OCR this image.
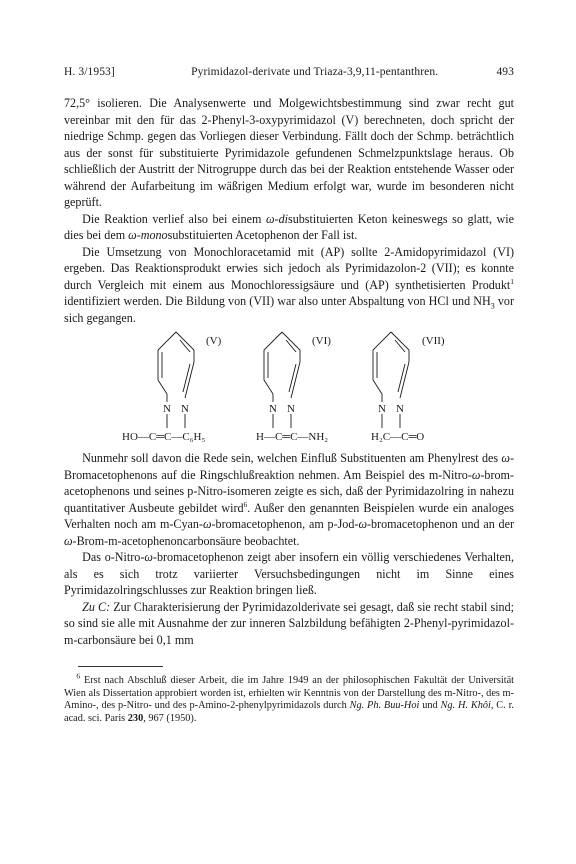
H. 3/1953]	Pyrimidazol-derivate und Triaza-3,9,11-pentanthren.	493

72,5° isolieren. Die Analysenwerte und Molgewichtsbestimmung sind zwar recht gut vereinbar mit den für das 2-Phenyl-3-oxypyrimidazol (V) berechneten, doch spricht der niedrige Schmp. gegen das Vorliegen dieser Verbindung. Fällt doch der Schmp. beträchtlich aus der sonst für substituierte Pyrimidazole gefundenen Schmelzpunktslage heraus. Ob schließlich der Austritt der Nitrogruppe durch das bei der Reaktion entstehende Wasser oder während der Aufarbeitung im wäßrigen Medium erfolgt war, wurde im besonderen nicht geprüft.

Die Reaktion verlief also bei einem ω-disubstituierten Keton keineswegs so glatt, wie dies bei dem ω-monosubstituierten Acetophenon der Fall ist.

Die Umsetzung von Monochloracetamid mit (AP) sollte 2-Amidopyrimidazol (VI) ergeben. Das Reaktionsprodukt erwies sich jedoch als Pyrimidazolon-2 (VII); es konnte durch Vergleich mit einem aus Monochloressigsäure und (AP) synthetisierten Produkt$^1$ identifiziert werden. Die Bildung von (VII) war also unter Abspaltung von HCl und $NH_3$ vor sich gegangen.

(V)
N N
HO—C═C—C₆H₅
(VI)
N N
H—C═C—NH₂
(VII)
N N
H₂C—C═O

Nunmehr soll davon die Rede sein, welchen Einfluß Substituenten am Phenylrest des ω-Bromacetophenons auf die Ringschlußreaktion nehmen. Am Beispiel des m-Nitro-ω-brom-acetophenons und seines p-Nitro-isomeren zeigte es sich, daß der Pyrimidazolring in nahezu quantitativer Ausbeute gebildet wird$^6$. Außer den genannten Beispielen wurde ein analoges Verhalten noch am m-Cyan-ω-bromacetophenon, am p-Jod-ω-bromacetophenon und an der ω-Brom-m-acetophenoncarbonsäure beobachtet.

Das o-Nitro-ω-bromacetophenon zeigt aber insofern ein völlig verschiedenes Verhalten, als es sich trotz variierter Versuchsbedingungen nicht im Sinne eines Pyrimidazolringschlusses zur Reaktion bringen ließ.

Zu C: Zur Charakterisierung der Pyrimidazolderivate sei gesagt, daß sie recht stabil sind; so sind sie alle mit Ausnahme der zur inneren Salzbildung befähigten 2-Phenyl-pyrimidazol-m-carbonsäure bei 0,1 mm

$^6$ Erst nach Abschluß dieser Arbeit, die im Jahre 1949 an der philosophischen Fakultät der Universität Wien als Dissertation approbiert worden ist, erhielten wir Kenntnis von der Darstellung des m-Nitro-, des m-Amino-, des p-Nitro- und des p-Amino-2-phenylpyrimidazols durch Ng. Ph. Buu-Hoi und Ng. H. Khôi, C. r. acad. sci. Paris 230, 967 (1950).
